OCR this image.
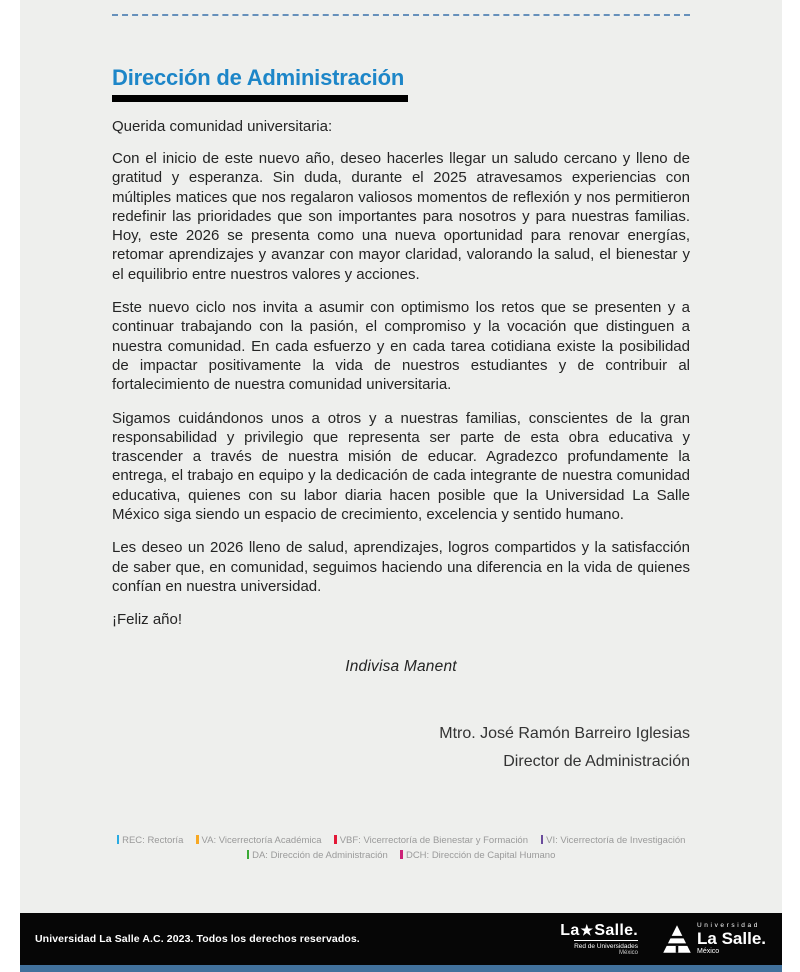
Dirección de Administración
Querida comunidad universitaria:

Con el inicio de este nuevo año, deseo hacerles llegar un saludo cercano y lleno de gratitud y esperanza. Sin duda, durante el 2025 atravesamos experiencias con múltiples matices que nos regalaron valiosos momentos de reflexión y nos permitieron redefinir las prioridades que son importantes para nosotros y para nuestras familias. Hoy, este 2026 se presenta como una nueva oportunidad para renovar energías, retomar aprendizajes y avanzar con mayor claridad, valorando la salud, el bienestar y el equilibrio entre nuestros valores y acciones.

Este nuevo ciclo nos invita a asumir con optimismo los retos que se presenten y a continuar trabajando con la pasión, el compromiso y la vocación que distinguen a nuestra comunidad. En cada esfuerzo y en cada tarea cotidiana existe la posibilidad de impactar positivamente la vida de nuestros estudiantes y de contribuir al fortalecimiento de nuestra comunidad universitaria.

Sigamos cuidándonos unos a otros y a nuestras familias, conscientes de la gran responsabilidad y privilegio que representa ser parte de esta obra educativa y trascender a través de nuestra misión de educar. Agradezco profundamente la entrega, el trabajo en equipo y la dedicación de cada integrante de nuestra comunidad educativa, quienes con su labor diaria hacen posible que la Universidad La Salle México siga siendo un espacio de crecimiento, excelencia y sentido humano.

Les deseo un 2026 lleno de salud, aprendizajes, logros compartidos y la satisfacción de saber que, en comunidad, seguimos haciendo una diferencia en la vida de quienes confían en nuestra universidad.

¡Feliz año!
Indivisa Manent
Mtro. José Ramón Barreiro Iglesias
Director de Administración
REC: Rectoría VA: Vicerrectoría Académica VBF: Vicerrectoría de Bienestar y Formación VI: Vicerrectoría de Investigación
DA: Dirección de Administración DCH: Dirección de Capital Humano
Universidad La Salle A.C. 2023. Todos los derechos reservados.
La★Salle.
Red de Universidades
México
Universidad
La Salle.
México
